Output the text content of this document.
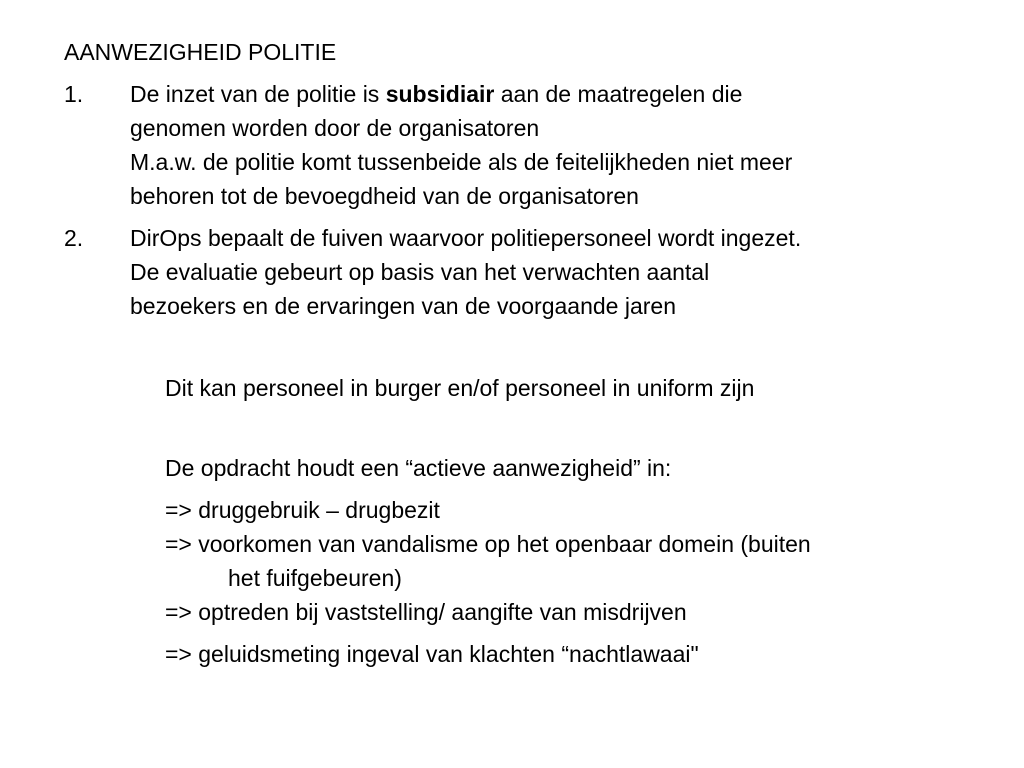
AANWEZIGHEID POLITIE
1. De inzet van de politie is subsidiair aan de maatregelen die
genomen worden door de organisatoren
M.a.w. de politie komt tussenbeide als de feitelijkheden niet meer
behoren tot de bevoegdheid van de organisatoren
2. DirOps bepaalt de fuiven waarvoor politiepersoneel wordt ingezet.
De evaluatie gebeurt op basis van het verwachten aantal
bezoekers en de ervaringen van de voorgaande jaren
Dit kan personeel in burger en/of personeel in uniform zijn
De opdracht houdt een “actieve aanwezigheid” in:
=> druggebruik – drugbezit
=> voorkomen van vandalisme op het openbaar domein (buiten
het fuifgebeuren)
=> optreden bij vaststelling/ aangifte van misdrijven
=> geluidsmeting ingeval van klachten “nachtlawaai"
